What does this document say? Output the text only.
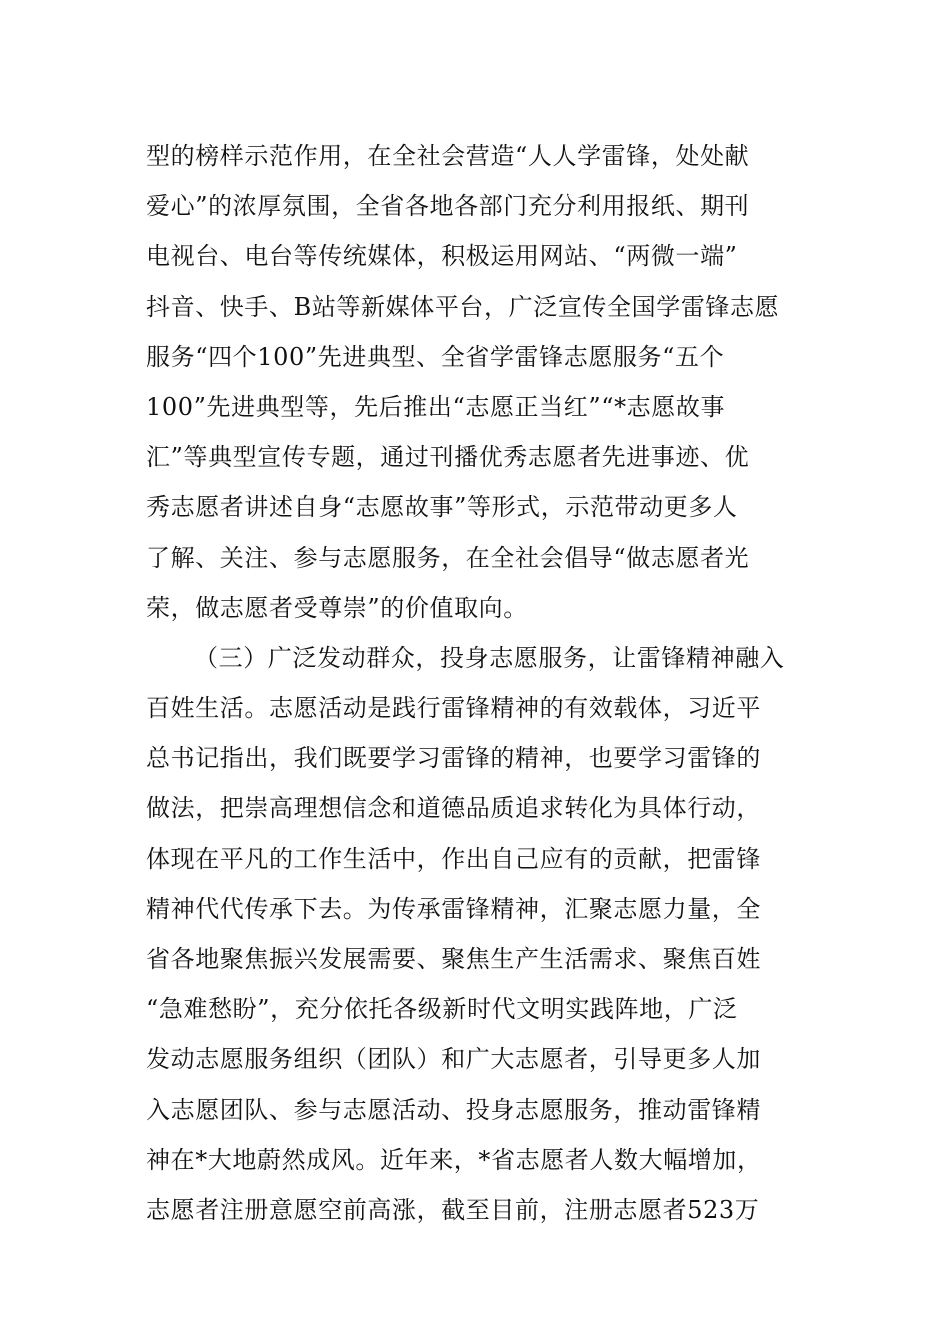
型的榜样示范作用，在全社会营造“人人学雷锋，处处献
爱心”的浓厚氛围，全省各地各部门充分利用报纸、期刊
电视台、电台等传统媒体，积极运用网站、“两微一端”
抖音、快手、B站等新媒体平台，广泛宣传全国学雷锋志愿
服务“四个100”先进典型、全省学雷锋志愿服务“五个
100”先进典型等，先后推出“志愿正当红”“*志愿故事
汇”等典型宣传专题，通过刊播优秀志愿者先进事迹、优
秀志愿者讲述自身“志愿故事”等形式，示范带动更多人
了解、关注、参与志愿服务，在全社会倡导“做志愿者光
荣，做志愿者受尊崇”的价值取向。
（三）广泛发动群众，投身志愿服务，让雷锋精神融入
百姓生活。志愿活动是践行雷锋精神的有效载体，习近平
总书记指出，我们既要学习雷锋的精神，也要学习雷锋的
做法，把崇高理想信念和道德品质追求转化为具体行动，
体现在平凡的工作生活中，作出自己应有的贡献，把雷锋
精神代代传承下去。为传承雷锋精神，汇聚志愿力量，全
省各地聚焦振兴发展需要、聚焦生产生活需求、聚焦百姓
“急难愁盼”，充分依托各级新时代文明实践阵地，广泛
发动志愿服务组织（团队）和广大志愿者，引导更多人加
入志愿团队、参与志愿活动、投身志愿服务，推动雷锋精
神在*大地蔚然成风。近年来，*省志愿者人数大幅增加，
志愿者注册意愿空前高涨，截至目前，注册志愿者523万
